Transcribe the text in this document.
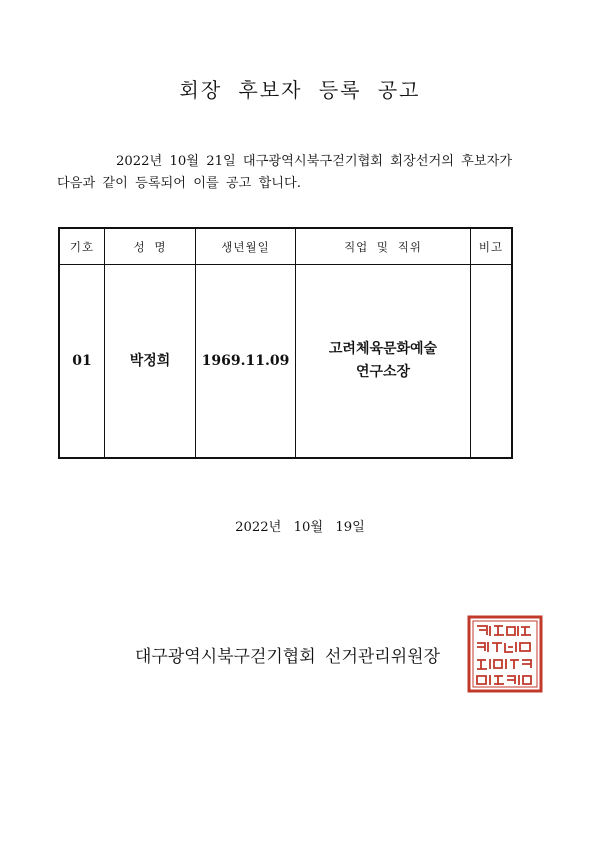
회장 후보자 등록 공고
2022년 10월 21일 대구광역시북구걷기협회 회장선거의 후보자가
다음과 같이 등록되어 이를 공고 합니다.
기호	성 명	생년월일	직업 및 직위	비고
01	박정희	1969.11.09	고려체육문화예술
연구소장	

2022년 10월 19일
대구광역시북구걷기협회 선거관리위원장
